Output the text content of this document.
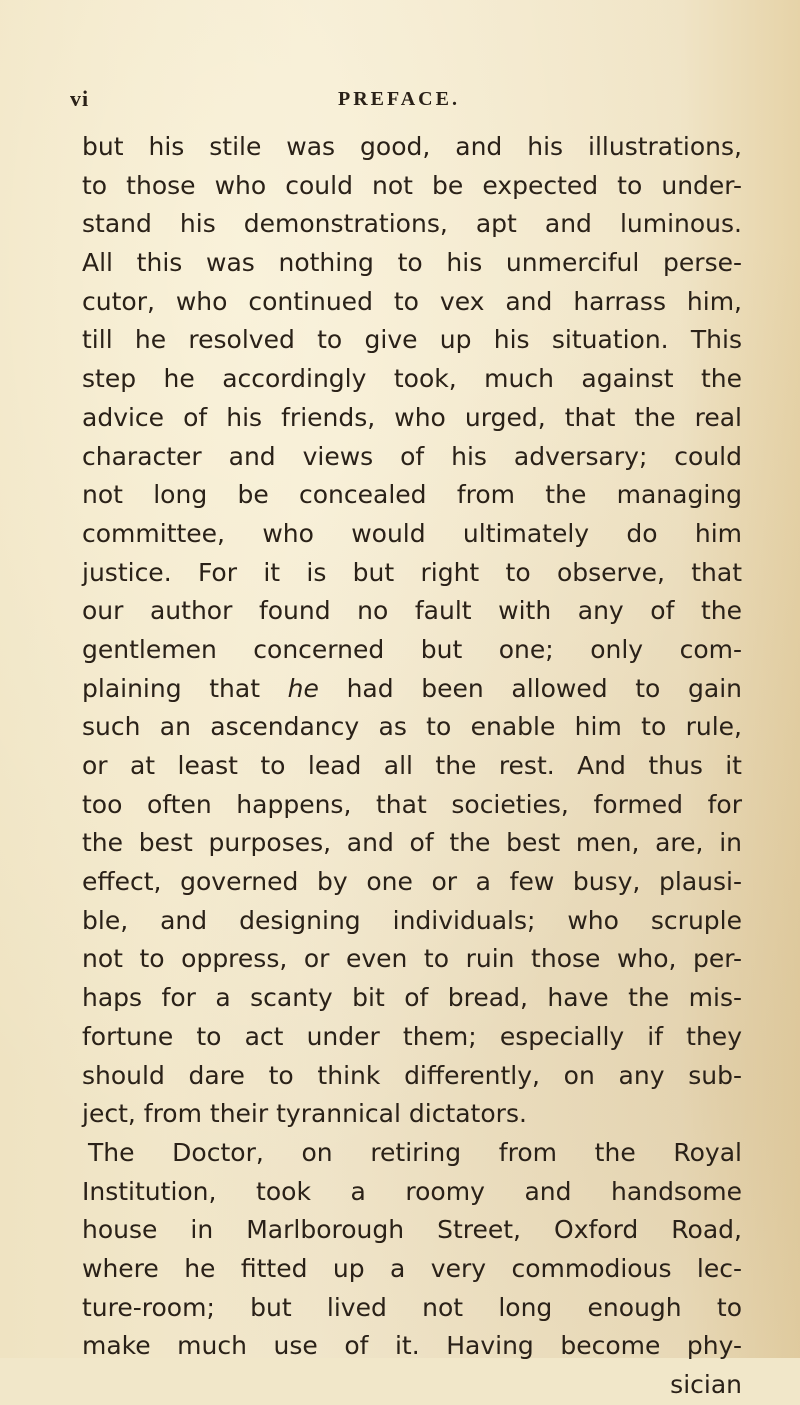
vi	PREFACE.
but his stile was good, and his illustrations,
to those who could not be expected to under-
stand his demonstrations, apt and luminous.
All this was nothing to his unmerciful perse-
cutor, who continued to vex and harrass him,
till he resolved to give up his situation. This
step he accordingly took, much against the
advice of his friends, who urged, that the real
character and views of his adversary; could
not long be concealed from the managing
committee, who would ultimately do him
justice. For it is but right to observe, that
our author found no fault with any of the
gentlemen concerned but one; only com-
plaining that he had been allowed to gain
such an ascendancy as to enable him to rule,
or at least to lead all the rest. And thus it
too often happens, that societies, formed for
the best purposes, and of the best men, are, in
effect, governed by one or a few busy, plausi-
ble, and designing individuals; who scruple
not to oppress, or even to ruin those who, per-
haps for a scanty bit of bread, have the mis-
fortune to act under them; especially if they
should dare to think differently, on any sub-
ject, from their tyrannical dictators.
The Doctor, on retiring from the Royal
Institution, took a roomy and handsome
house in Marlborough Street, Oxford Road,
where he fitted up a very commodious lec-
ture-room; but lived not long enough to
make much use of it. Having become phy-
sician
